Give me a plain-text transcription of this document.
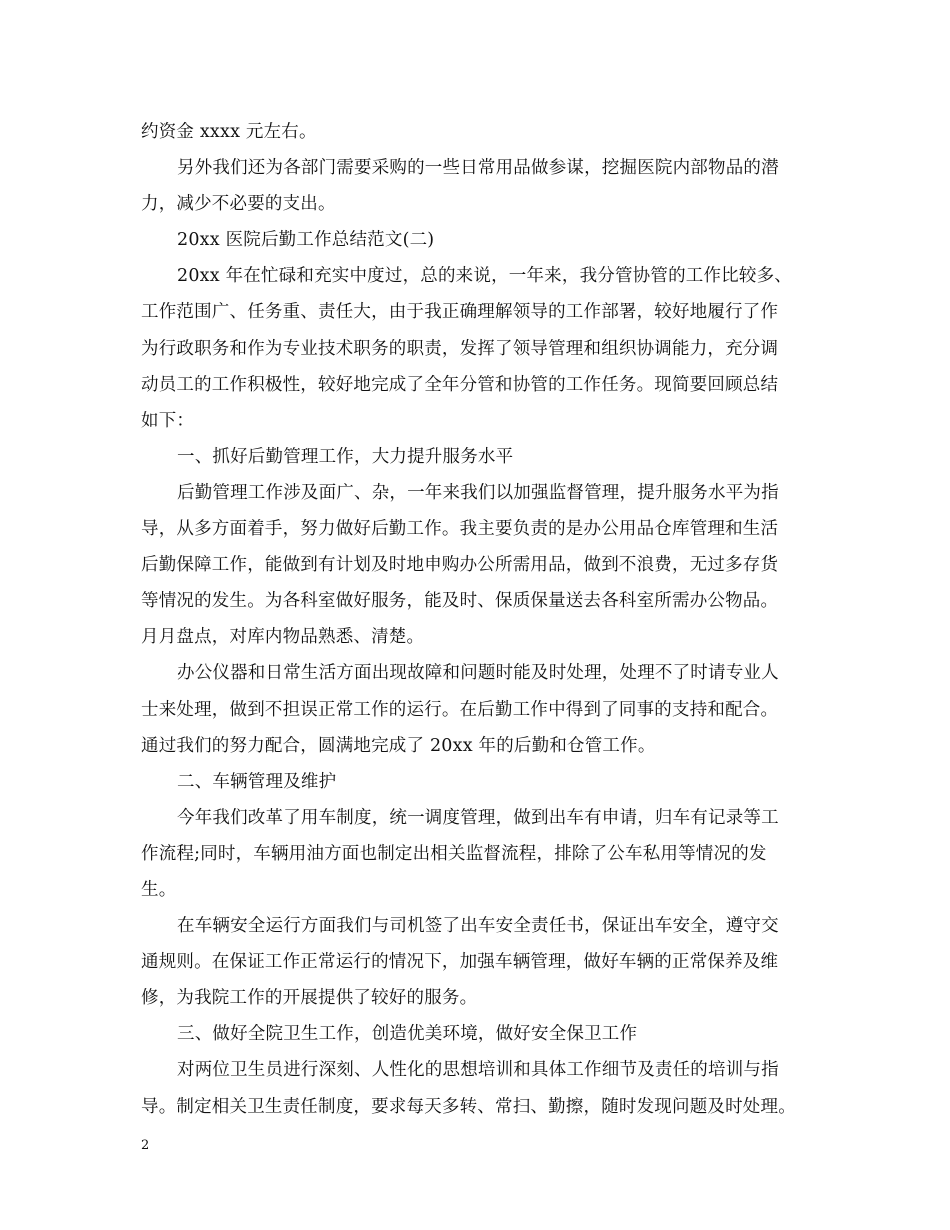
约资金 xxxx 元左右。
另外我们还为各部门需要采购的一些日常用品做参谋，挖掘医院内部物品的潜
力，减少不必要的支出。
20xx 医院后勤工作总结范文(二)
20xx 年在忙碌和充实中度过，总的来说，一年来，我分管协管的工作比较多、
工作范围广、任务重、责任大，由于我正确理解领导的工作部署，较好地履行了作
为行政职务和作为专业技术职务的职责，发挥了领导管理和组织协调能力，充分调
动员工的工作积极性，较好地完成了全年分管和协管的工作任务。现简要回顾总结
如下：
一、抓好后勤管理工作，大力提升服务水平
后勤管理工作涉及面广、杂，一年来我们以加强监督管理，提升服务水平为指
导，从多方面着手，努力做好后勤工作。我主要负责的是办公用品仓库管理和生活
后勤保障工作，能做到有计划及时地申购办公所需用品，做到不浪费，无过多存货
等情况的发生。为各科室做好服务，能及时、保质保量送去各科室所需办公物品。
月月盘点，对库内物品熟悉、清楚。
办公仪器和日常生活方面出现故障和问题时能及时处理，处理不了时请专业人
士来处理，做到不担误正常工作的运行。在后勤工作中得到了同事的支持和配合。
通过我们的努力配合，圆满地完成了 20xx 年的后勤和仓管工作。
二、车辆管理及维护
今年我们改革了用车制度，统一调度管理，做到出车有申请，归车有记录等工
作流程;同时，车辆用油方面也制定出相关监督流程，排除了公车私用等情况的发
生。
在车辆安全运行方面我们与司机签了出车安全责任书，保证出车安全，遵守交
通规则。在保证工作正常运行的情况下，加强车辆管理，做好车辆的正常保养及维
修，为我院工作的开展提供了较好的服务。
三、做好全院卫生工作，创造优美环境，做好安全保卫工作
对两位卫生员进行深刻、人性化的思想培训和具体工作细节及责任的培训与指
导。制定相关卫生责任制度，要求每天多转、常扫、勤擦，随时发现问题及时处理。
2
